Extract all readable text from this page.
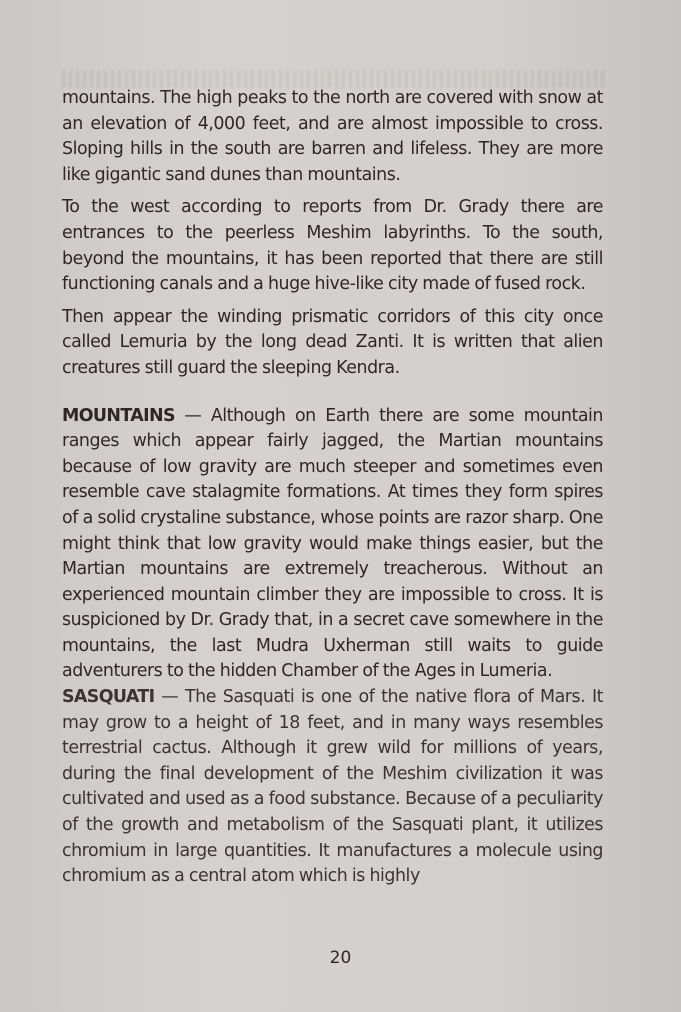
mountains. The high peaks to the north are covered with snow at an elevation of 4,000 feet, and are almost impossible to cross. Sloping hills in the south are barren and lifeless. They are more like gigantic sand dunes than mountains.

To the west according to reports from Dr. Grady there are entrances to the peerless Meshim labyrinths. To the south, beyond the mountains, it has been reported that there are still functioning canals and a huge hive-like city made of fused rock.

Then appear the winding prismatic corridors of this city once called Lemuria by the long dead Zanti. It is written that alien creatures still guard the sleeping Kendra.

MOUNTAINS — Although on Earth there are some mountain ranges which appear fairly jagged, the Martian mountains because of low gravity are much steeper and sometimes even resemble cave stalagmite formations. At times they form spires of a solid crystaline substance, whose points are razor sharp. One might think that low gravity would make things easier, but the Martian mountains are extremely treacherous. Without an experienced mountain climber they are impossible to cross. It is suspicioned by Dr. Grady that, in a secret cave somewhere in the mountains, the last Mudra Uxherman still waits to guide adventurers to the hidden Chamber of the Ages in Lumeria.

SASQUATI — The Sasquati is one of the native flora of Mars. It may grow to a height of 18 feet, and in many ways resembles terrestrial cactus. Although it grew wild for millions of years, during the final development of the Meshim civilization it was cultivated and used as a food substance. Because of a peculiarity of the growth and metabolism of the Sasquati plant, it utilizes chromium in large quantities. It manufactures a molecule using chromium as a central atom which is highly

20
